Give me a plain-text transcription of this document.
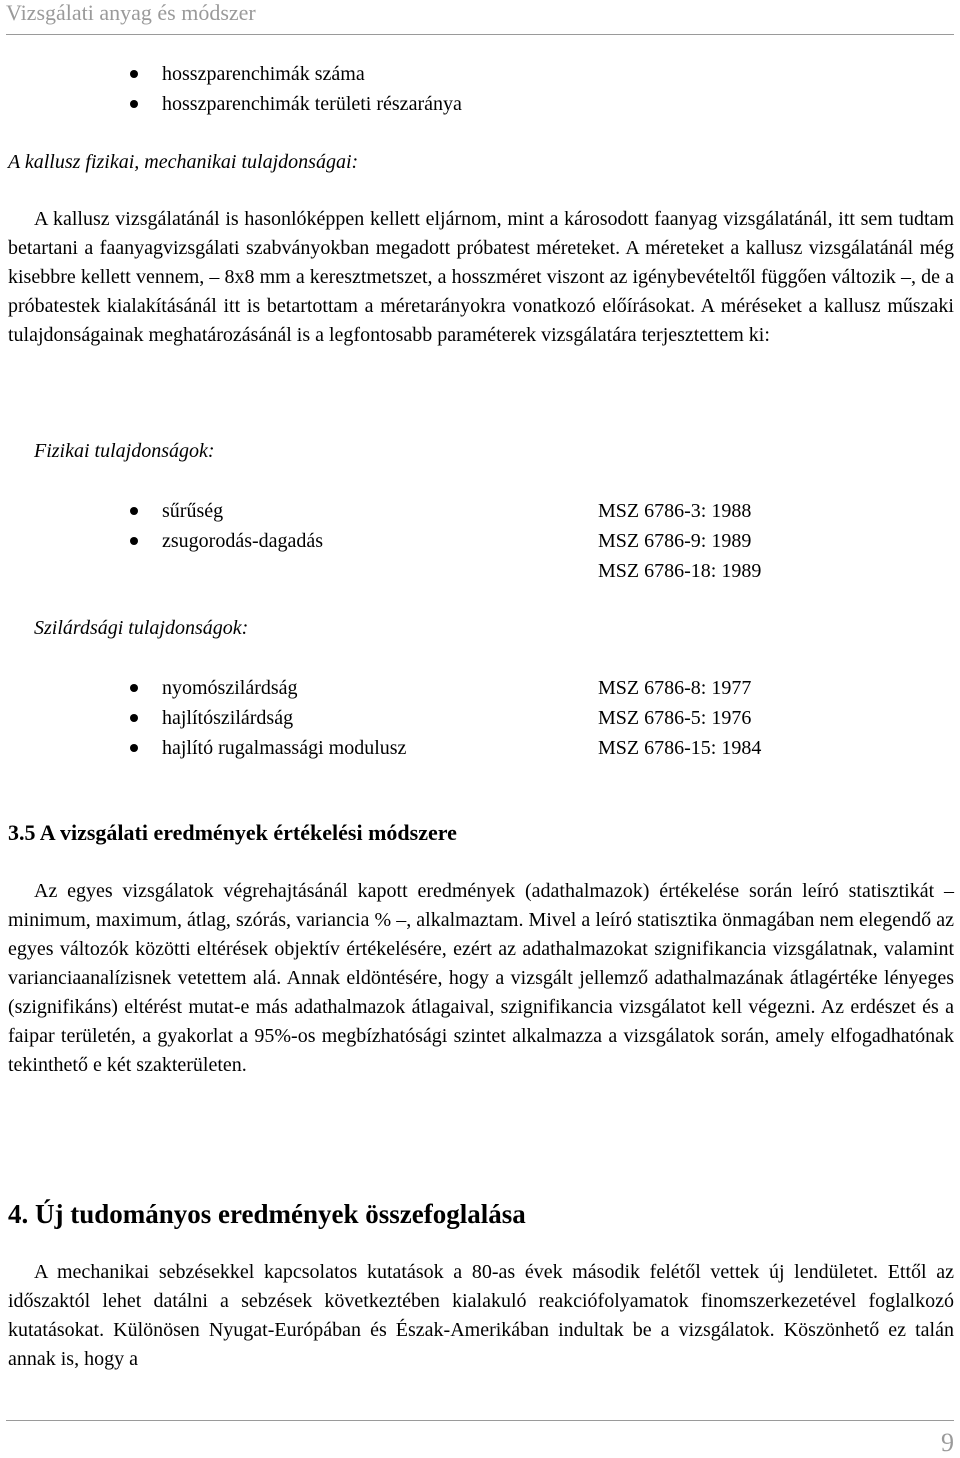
Vizsgálati anyag és módszer
hosszparenchimák száma
hosszparenchimák területi részaránya
A kallusz fizikai, mechanikai tulajdonságai:

A kallusz vizsgálatánál is hasonlóképpen kellett eljárnom, mint a károsodott faanyag vizsgálatánál, itt sem tudtam betartani a faanyagvizsgálati szabványokban megadott próbatest méreteket. A méreteket a kallusz vizsgálatánál még kisebbre kellett vennem, – 8x8 mm a keresztmetszet, a hosszméret viszont az igénybevételtől függően változik –, de a próbatestek kialakításánál itt is betartottam a méretarányokra vonatkozó előírásokat. A méréseket a kallusz műszaki tulajdonságainak meghatározásánál is a legfontosabb paraméterek vizsgálatára terjesztettem ki:

Fizikai tulajdonságok:
sűrűség	MSZ 6786-3: 1988
zsugorodás-dagadás	MSZ 6786-9: 1989
MSZ 6786-18: 1989
Szilárdsági tulajdonságok:
nyomószilárdság	MSZ 6786-8: 1977
hajlítószilárdság	MSZ 6786-5: 1976
hajlító rugalmassági modulusz	MSZ 6786-15: 1984
3.5 A vizsgálati eredmények értékelési módszere

Az egyes vizsgálatok végrehajtásánál kapott eredmények (adathalmazok) értékelése során leíró statisztikát – minimum, maximum, átlag, szórás, variancia % –, alkalmaztam. Mivel a leíró statisztika önmagában nem elegendő az egyes változók közötti eltérések objektív értékelésére, ezért az adathalmazokat szignifikancia vizsgálatnak, valamint varianciaanalízisnek vetettem alá. Annak eldöntésére, hogy a vizsgált jellemző adathalmazának átlagértéke lényeges (szignifikáns) eltérést mutat-e más adathalmazok átlagaival, szignifikancia vizsgálatot kell végezni. Az erdészet és a faipar területén, a gyakorlat a 95%-os megbízhatósági szintet alkalmazza a vizsgálatok során, amely elfogadhatónak tekinthető e két szakterületen.

4. Új tudományos eredmények összefoglalása

A mechanikai sebzésekkel kapcsolatos kutatások a 80-as évek második felétől vettek új lendületet. Ettől az időszaktól lehet datálni a sebzések következtében kialakuló reakciófolyamatok finomszerkezetével foglalkozó kutatásokat. Különösen Nyugat-Európában és Észak-Amerikában indultak be a vizsgálatok. Köszönhető ez talán annak is, hogy a

9
